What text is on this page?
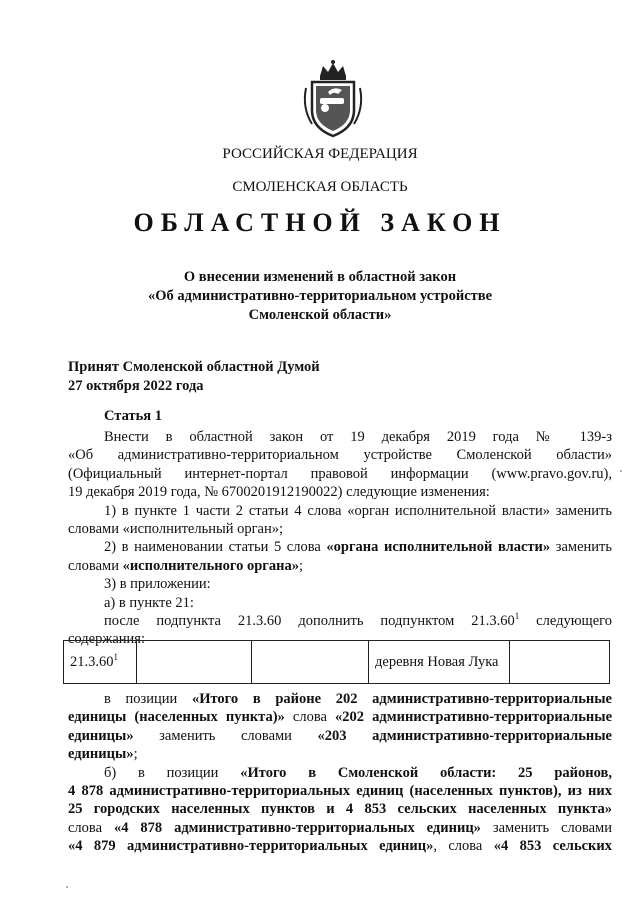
РОССИЙСКАЯ ФЕДЕРАЦИЯ
СМОЛЕНСКАЯ ОБЛАСТЬ
ОБЛАСТНОЙ ЗАКОН
О внесении изменений в областной закон
«Об административно-территориальном устройстве
Смоленской области»
Принят Смоленской областной Думой
27 октября 2022 года
Статья 1
Внести в областной закон от 19 декабря 2019 года № 139-з
«Об административно-территориальном устройстве Смоленской области»
(Официальный интернет-портал правовой информации (www.pravo.gov.ru),
19 декабря 2019 года, № 6700201912190022) следующие изменения:
1) в пункте 1 части 2 статьи 4 слова «орган исполнительной власти» заменить
словами «исполнительный орган»;
2) в наименовании статьи 5 слова «органа исполнительной власти» заменить
словами «исполнительного органа»;
3) в приложении:
а) в пункте 21:
после подпункта 21.3.60 дополнить подпунктом 21.3.60$^1$ следующего
содержания:
21.3.60$^1$			деревня Новая Лука	
в позиции «Итого в районе 202 административно-территориальные
единицы (населенных пункта)» слова «202 административно-территориальные
единицы» заменить словами «203 административно-территориальные
единицы»;
б) в позиции «Итого в Смоленской области: 25 районов,
4 878 административно-территориальных единиц (населенных пунктов), из них
25 городских населенных пунктов и 4 853 сельских населенных пункта»
слова «4 878 административно-территориальных единиц» заменить словами
«4 879 административно-территориальных единиц», слова «4 853 сельских
